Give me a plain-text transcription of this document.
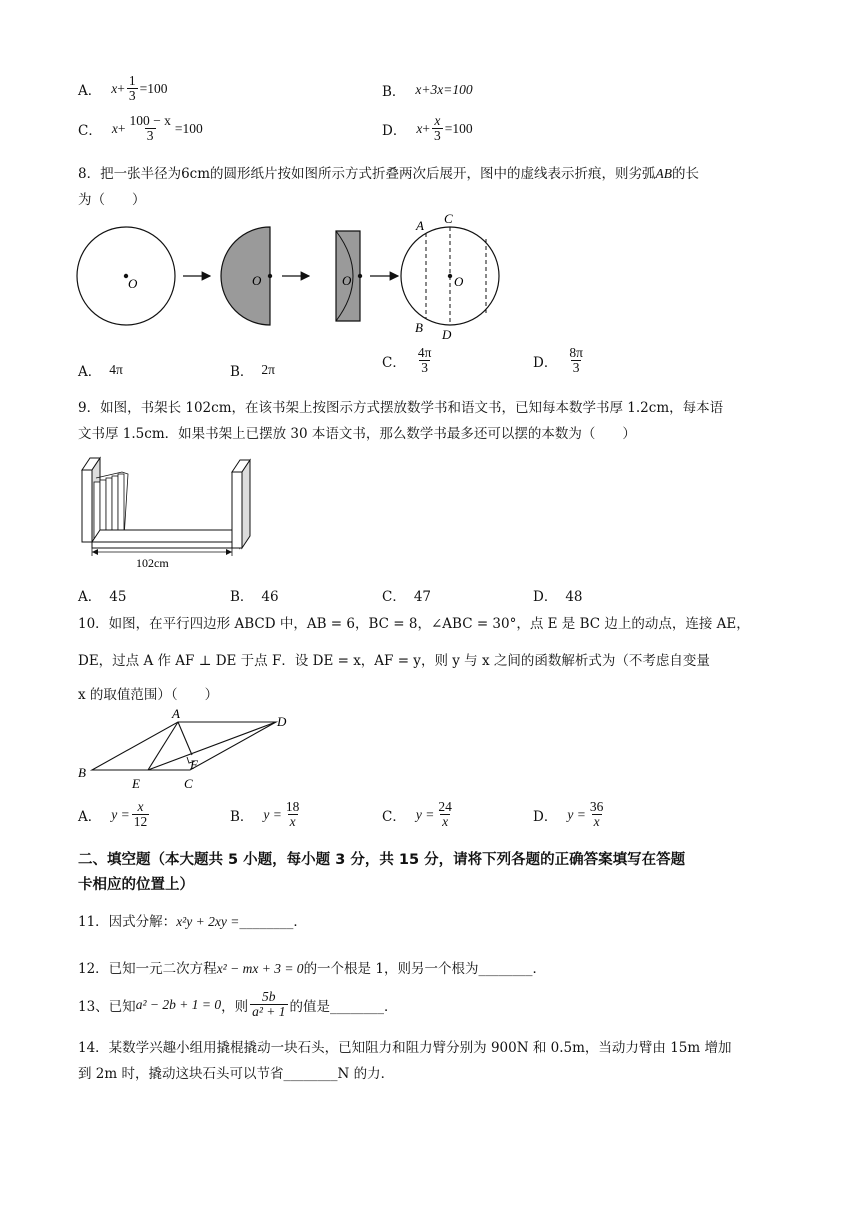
A． $x + \frac{1}{3} =100$	B． x+3x=100
C． $x + \frac{100 - x}{3} =100$	D． $x + \frac{x}{3} =100$
8．把一张半径为6cm的圆形纸片按如图所示方式折叠两次后展开，图中的虚线表示折痕，则劣弧AB的长
为（　　）
O	O	O	O
A C
B D
A． 4π	B． 2π	C． $\frac{4\pi}{3}$	D． $\frac{8\pi}{3}$
9．如图，书架长 102cm，在该书架上按图示方式摆放数学书和语文书，已知每本数学书厚 1.2cm，每本语
文书厚 1.5cm．如果书架上已摆放 30 本语文书，那么数学书最多还可以摆的本数为（　　）
102cm
A． 45	B． 46	C． 47	D． 48
10．如图，在平行四边形 ABCD 中，AB = 6，BC = 8，∠ABC = 30°，点 E 是 BC 边上的动点，连接 AE，
DE，过点 A 作 AF ⊥ DE 于点 F．设 DE = x，AF = y，则 y 与 x 之间的函数解析式为（不考虑自变量
x 的取值范围）（　　）
A
D
B
E	C
F
A． $y = \frac{x}{12}$	B． $y = \frac{18}{x}$	C． $y = \frac{24}{x}$	D． $y = \frac{36}{x}$
二、填空题（本大题共 5 小题，每小题 3 分，共 15 分，请将下列各题的正确答案填写在答题
卡相应的位置上）
11．因式分解：x²y + 2xy =________．
12．已知一元二次方程x² − mx + 3 = 0的一个根是 1，则另一个根为________．
13、已知 a² − 2b + 1 = 0 ，则 $\frac{5b}{\text{a² + 1}}$ 的值是________．
14．某数学兴趣小组用撬棍撬动一块石头，已知阻力和阻力臂分别为 900N 和 0.5m，当动力臂由 15m 增加
到 2m 时，撬动这块石头可以节省________N 的力．
